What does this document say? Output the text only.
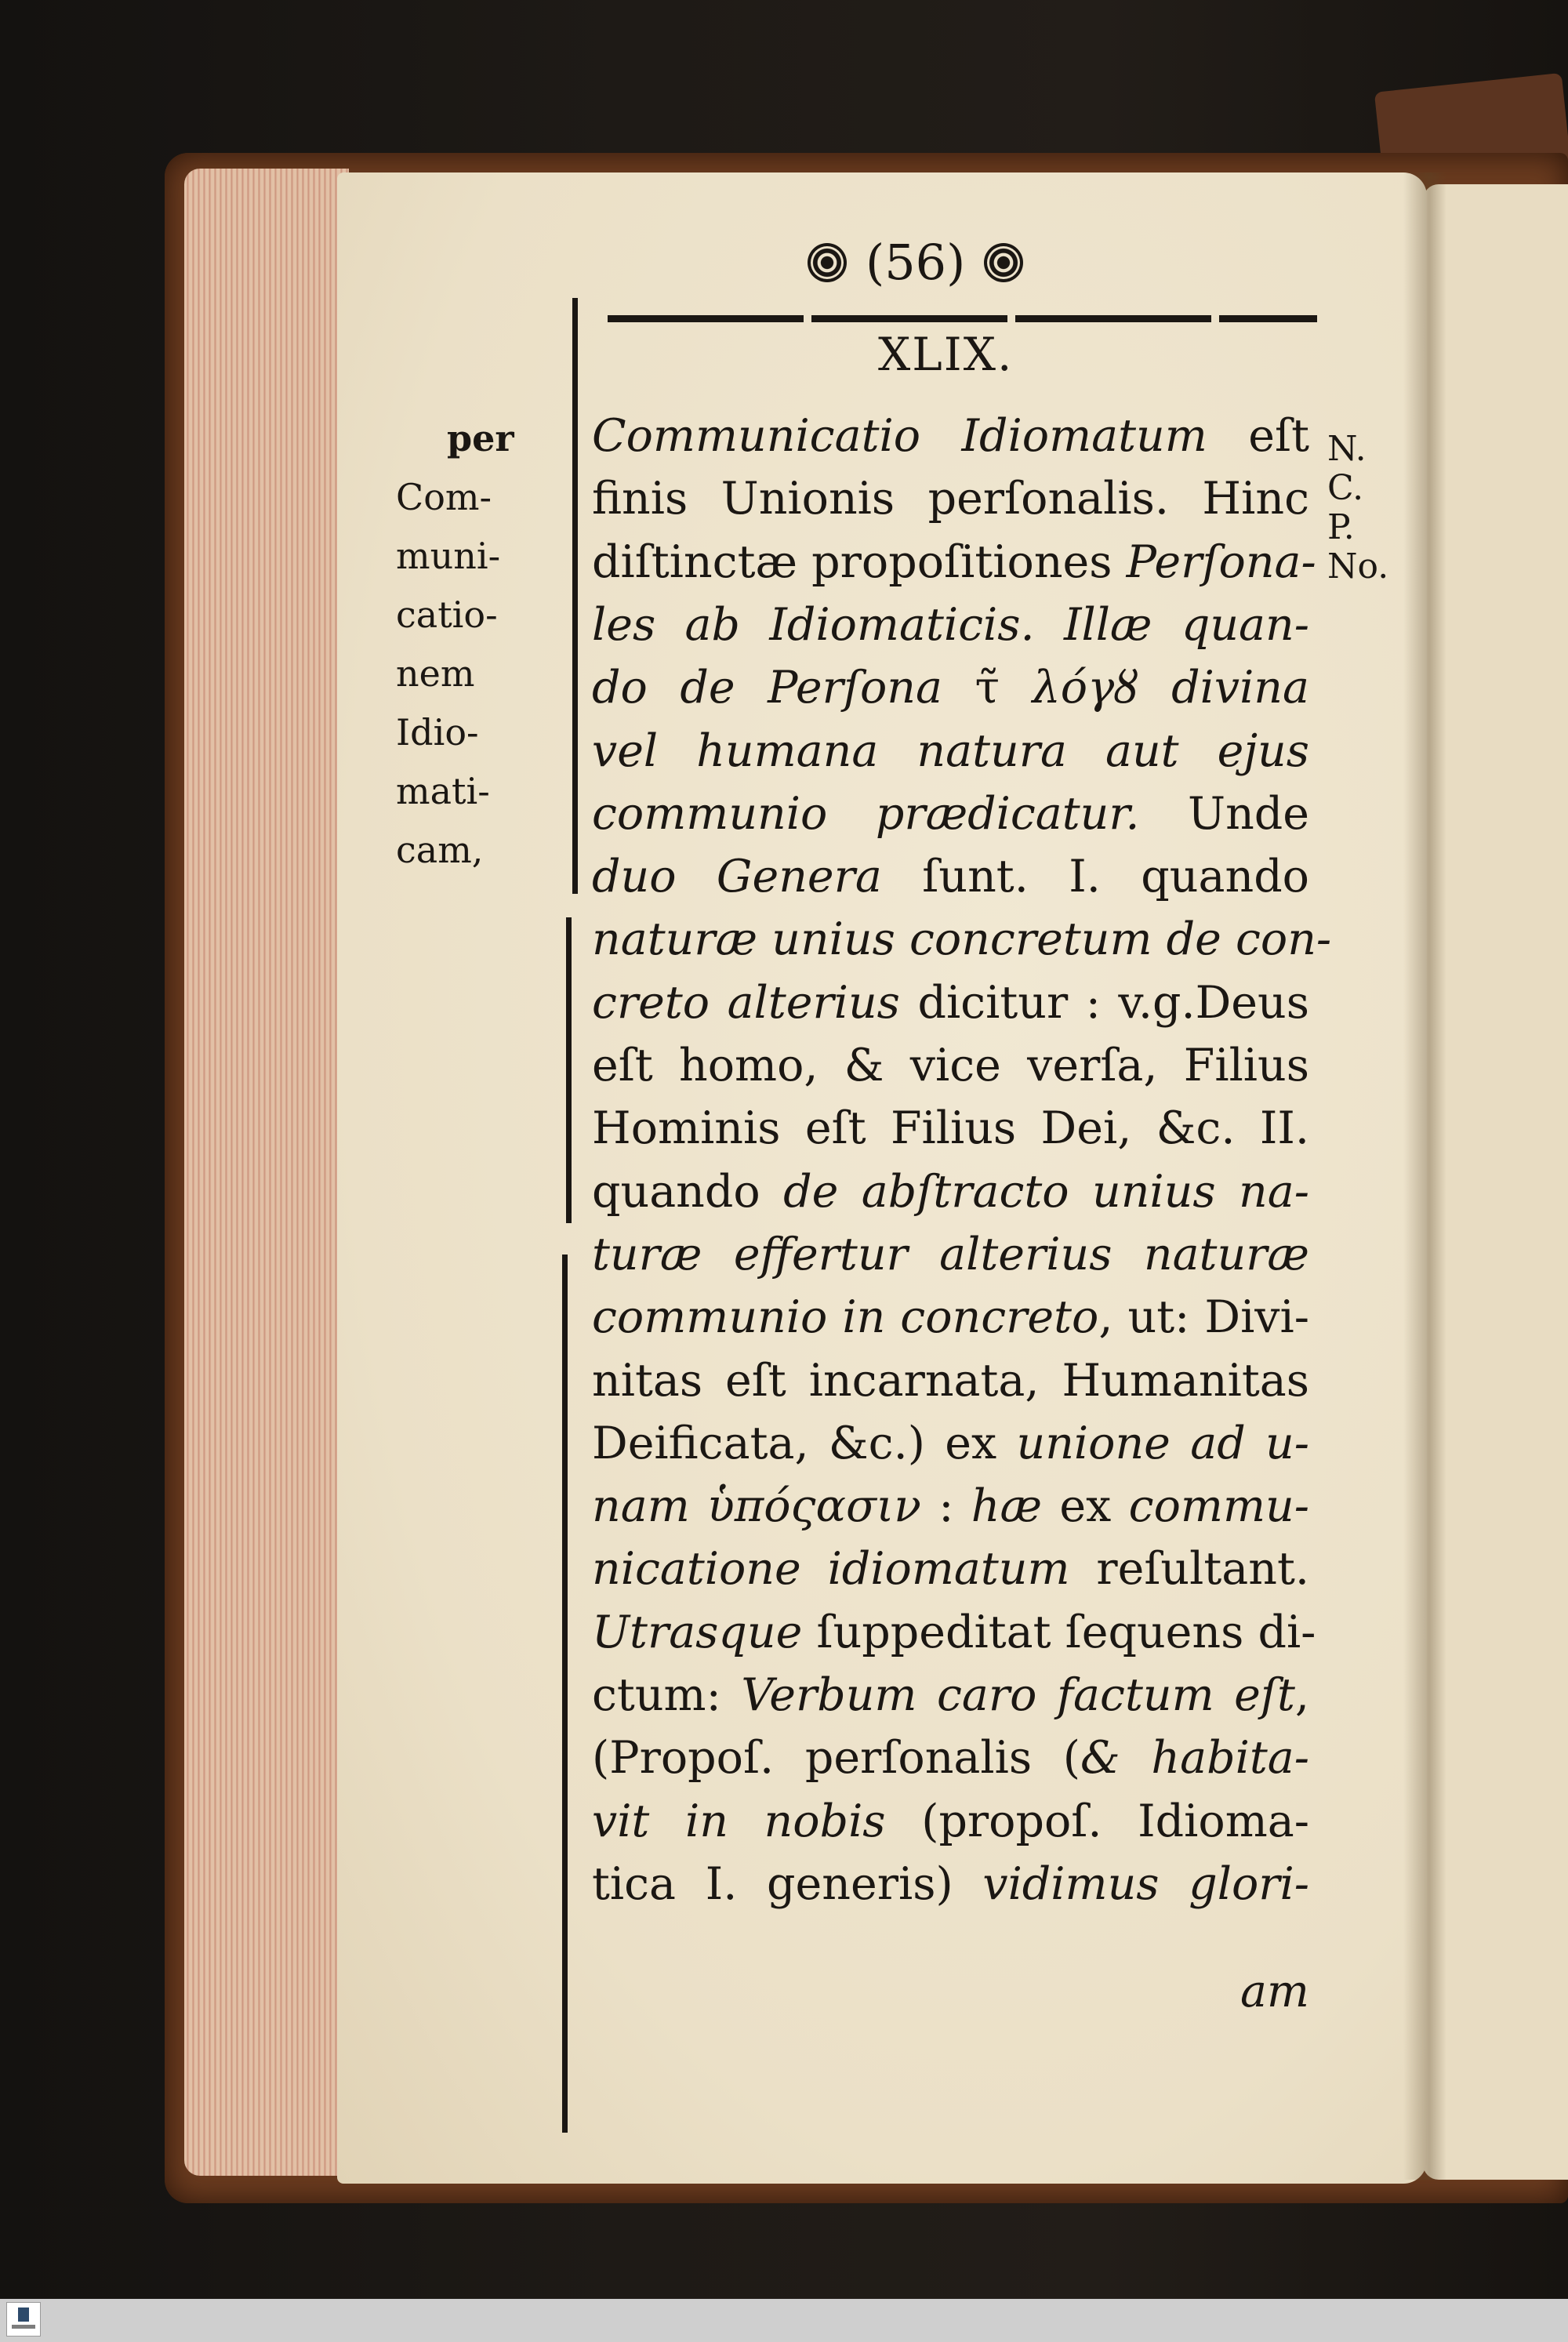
(56)
XLIX.
per
Com-
muni-
catio-
nem
Idio-
mati-
cam,
N.
C.
P.
No.
Communicatio Idiomatum eſt
finis Unionis perſonalis. Hinc
diſtinctæ propoſitiones Perſona-
les ab Idiomaticis. Illæ quan-
do de Perſona τ̃ λόγȣ divina
vel humana natura aut ejus
communio prædicatur. Unde
duo Genera ſunt. I. quando
naturæ unius concretum de con-
creto alterius dicitur : v.g.Deus
eſt homo, & vice verſa, Filius
Hominis eſt Filius Dei, &c. II.
quando de abſtracto unius na-
turæ effertur alterius naturæ
communio in concreto, ut: Divi-
nitas eſt incarnata, Humanitas
Deificata, &c.) ex unione ad u-
nam ὑπόςασιν : hæ ex commu-
nicatione idiomatum reſultant.
Utrasque ſuppeditat ſequens di-
ctum: Verbum caro factum eſt,
(Propoſ. perſonalis (& habita-
vit in nobis (propoſ. Idioma-
tica I. generis) vidimus glori-
am
